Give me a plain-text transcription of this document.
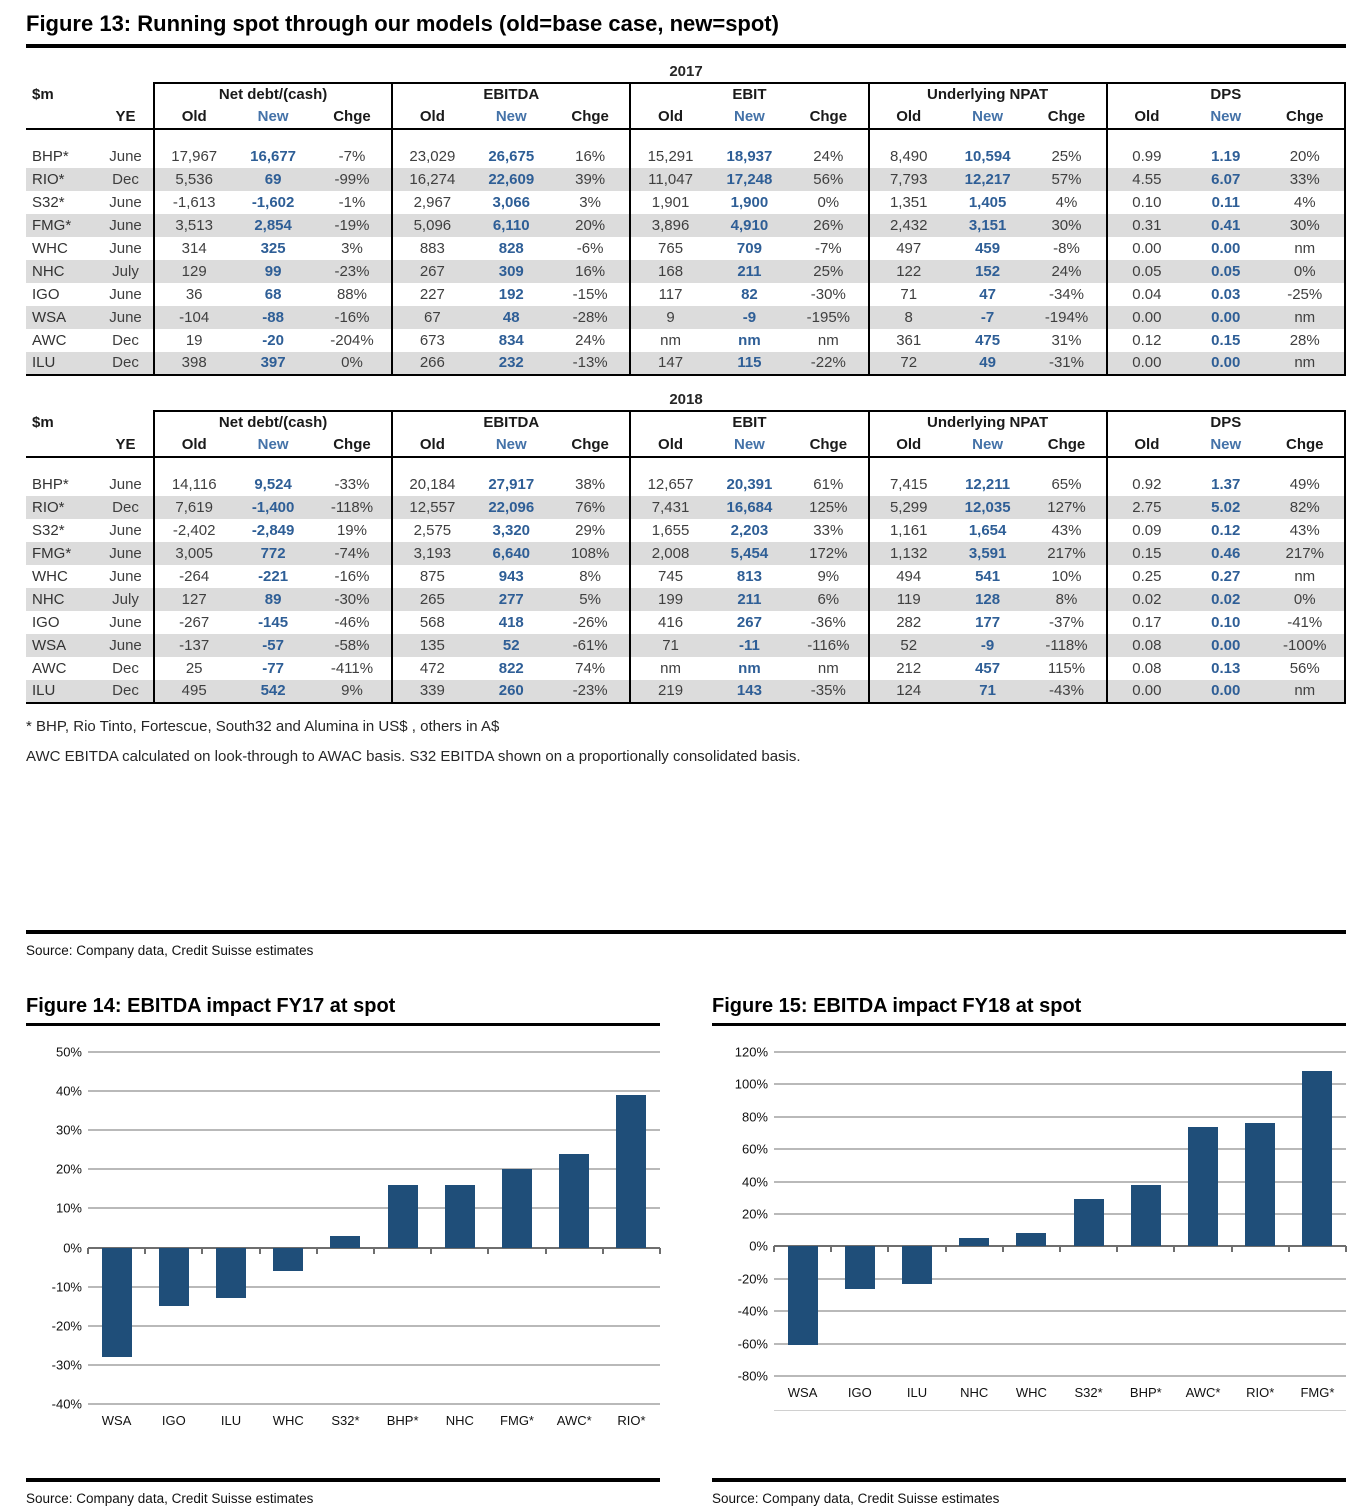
Figure 13: Running spot through our models (old=base case, new=spot)
2017
$m		Net debt/(cash)			EBITDA			EBIT			Underlying NPAT			DPS		
	YE	Old	New	Chge	Old	New	Chge	Old	New	Chge	Old	New	Chge	Old	New	Chge

BHP*	June	17,967	16,677	-7%	23,029	26,675	16%	15,291	18,937	24%	8,490	10,594	25%	0.99	1.19	20%
RIO*	Dec	5,536	69	-99%	16,274	22,609	39%	11,047	17,248	56%	7,793	12,217	57%	4.55	6.07	33%
S32*	June	-1,613	-1,602	-1%	2,967	3,066	3%	1,901	1,900	0%	1,351	1,405	4%	0.10	0.11	4%
FMG*	June	3,513	2,854	-19%	5,096	6,110	20%	3,896	4,910	26%	2,432	3,151	30%	0.31	0.41	30%
WHC	June	314	325	3%	883	828	-6%	765	709	-7%	497	459	-8%	0.00	0.00	nm
NHC	July	129	99	-23%	267	309	16%	168	211	25%	122	152	24%	0.05	0.05	0%
IGO	June	36	68	88%	227	192	-15%	117	82	-30%	71	47	-34%	0.04	0.03	-25%
WSA	June	-104	-88	-16%	67	48	-28%	9	-9	-195%	8	-7	-194%	0.00	0.00	nm
AWC	Dec	19	-20	-204%	673	834	24%	nm	nm	nm	361	475	31%	0.12	0.15	28%
ILU	Dec	398	397	0%	266	232	-13%	147	115	-22%	72	49	-31%	0.00	0.00	nm
2018
$m		Net debt/(cash)			EBITDA			EBIT			Underlying NPAT			DPS		
	YE	Old	New	Chge	Old	New	Chge	Old	New	Chge	Old	New	Chge	Old	New	Chge

BHP*	June	14,116	9,524	-33%	20,184	27,917	38%	12,657	20,391	61%	7,415	12,211	65%	0.92	1.37	49%
RIO*	Dec	7,619	-1,400	-118%	12,557	22,096	76%	7,431	16,684	125%	5,299	12,035	127%	2.75	5.02	82%
S32*	June	-2,402	-2,849	19%	2,575	3,320	29%	1,655	2,203	33%	1,161	1,654	43%	0.09	0.12	43%
FMG*	June	3,005	772	-74%	3,193	6,640	108%	2,008	5,454	172%	1,132	3,591	217%	0.15	0.46	217%
WHC	June	-264	-221	-16%	875	943	8%	745	813	9%	494	541	10%	0.25	0.27	nm
NHC	July	127	89	-30%	265	277	5%	199	211	6%	119	128	8%	0.02	0.02	0%
IGO	June	-267	-145	-46%	568	418	-26%	416	267	-36%	282	177	-37%	0.17	0.10	-41%
WSA	June	-137	-57	-58%	135	52	-61%	71	-11	-116%	52	-9	-118%	0.08	0.00	-100%
AWC	Dec	25	-77	-411%	472	822	74%	nm	nm	nm	212	457	115%	0.08	0.13	56%
ILU	Dec	495	542	9%	339	260	-23%	219	143	-35%	124	71	-43%	0.00	0.00	nm
* BHP, Rio Tinto, Fortescue, South32 and Alumina in US$ , others in A$
AWC EBITDA calculated on look-through to AWAC basis. S32 EBITDA shown on a proportionally consolidated basis.
Source: Company data, Credit Suisse estimates
Figure 14: EBITDA impact FY17 at spot
50%
40%
30%
20%
10%
0%
-10%
-20%
-30%
-40%
WSA	IGO	ILU	WHC	S32*	BHP*	NHC	FMG*	AWC*	RIO*
Source: Company data, Credit Suisse estimates
Figure 15: EBITDA impact FY18 at spot
120%
100%
80%
60%
40%
20%
0%
-20%
-40%
-60%
-80%
WSA	IGO	ILU	NHC	WHC	S32*	BHP*	AWC*	RIO*	FMG*
Source: Company data, Credit Suisse estimates
